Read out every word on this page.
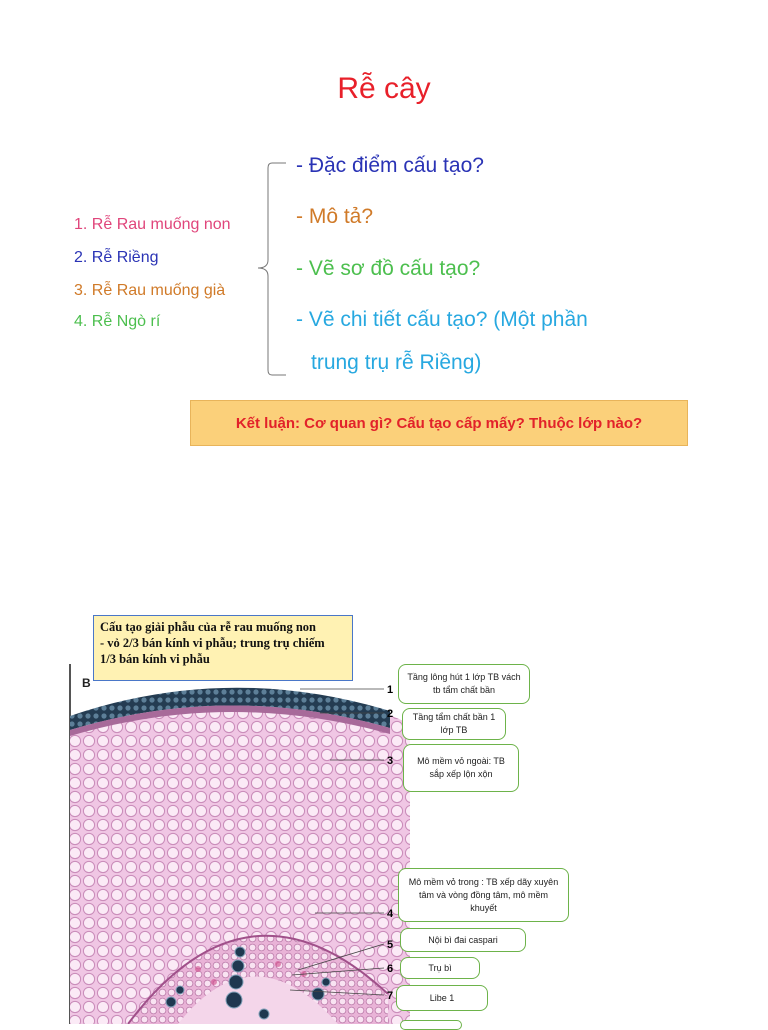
Rễ cây
1. Rễ Rau muống non
2. Rễ Riềng
3. Rễ Rau muống già
4. Rễ Ngò rí
- Đặc điểm cấu tạo?
- Mô tả?
- Vẽ sơ đồ cấu tạo?
- Vẽ chi tiết cấu tạo? (Một phần
trung trụ rễ Riềng)
Kết luận: Cơ quan gì? Cấu tạo cấp mấy? Thuộc lớp nào?
B
Cấu tạo giải phẫu của rễ rau muống non
- vỏ 2/3 bán kính vi phẫu; trung trụ chiếm
1/3 bán kính vi phẫu
1
2
3
4
5
6
7
Tầng lông hút 1 lớp TB vách tb tẩm chất bần
Tầng tẩm chất bần 1 lớp TB
Mô mềm vỏ ngoài: TB sắp xếp lộn xộn
Mô mềm vỏ trong : TB xếp dãy xuyên tâm và vòng đồng tâm, mô mềm khuyết
Nội bì đai caspari
Trụ bì
Libe 1
